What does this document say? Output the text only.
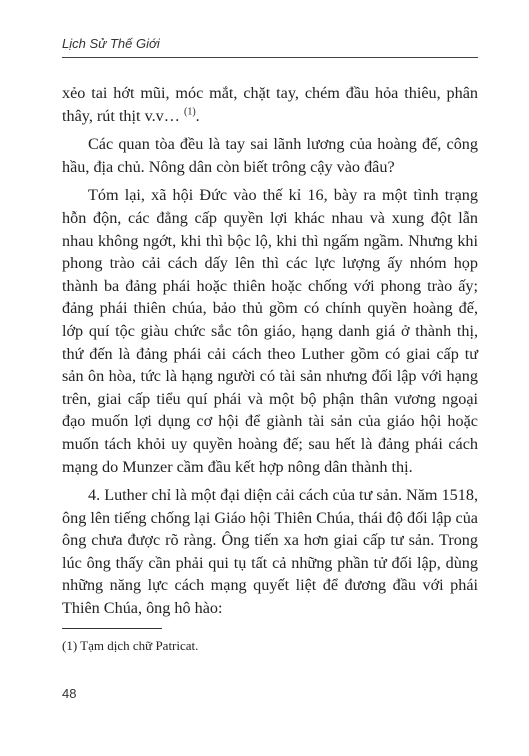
Lịch Sử Thế Giới

xẻo tai hớt mũi, móc mắt, chặt tay, chém đầu hỏa thiêu, phân thây, rút thịt v.v… $^{(1)}$.

Các quan tòa đều là tay sai lãnh lương của hoàng đế, công hầu, địa chủ. Nông dân còn biết trông cậy vào đâu?

Tóm lại, xã hội Đức vào thế kỉ 16, bày ra một tình trạng hỗn độn, các đẳng cấp quyền lợi khác nhau và xung đột lẫn nhau không ngớt, khi thì bộc lộ, khi thì ngấm ngầm. Nhưng khi phong trào cải cách dấy lên thì các lực lượng ấy nhóm họp thành ba đảng phái hoặc thiên hoặc chống với phong trào ấy; đảng phái thiên chúa, bảo thủ gồm có chính quyền hoàng đế, lớp quí tộc giàu chức sắc tôn giáo, hạng danh giá ở thành thị, thứ đến là đảng phái cải cách theo Luther gồm có giai cấp tư sản ôn hòa, tức là hạng người có tài sản nhưng đối lập với hạng trên, giai cấp tiểu quí phái và một bộ phận thân vương ngoại đạo muốn lợi dụng cơ hội để giành tài sản của giáo hội hoặc muốn tách khỏi uy quyền hoàng đế; sau hết là đảng phái cách mạng do Munzer cầm đầu kết hợp nông dân thành thị.

4. Luther chỉ là một đại diện cải cách của tư sản. Năm 1518, ông lên tiếng chống lại Giáo hội Thiên Chúa, thái độ đối lập của ông chưa được rõ ràng. Ông tiến xa hơn giai cấp tư sản. Trong lúc ông thấy cần phải qui tụ tất cả những phần tử đối lập, dùng những năng lực cách mạng quyết liệt để đương đầu với phái Thiên Chúa, ông hô hào:

(1) Tạm dịch chữ Patricat.
48
